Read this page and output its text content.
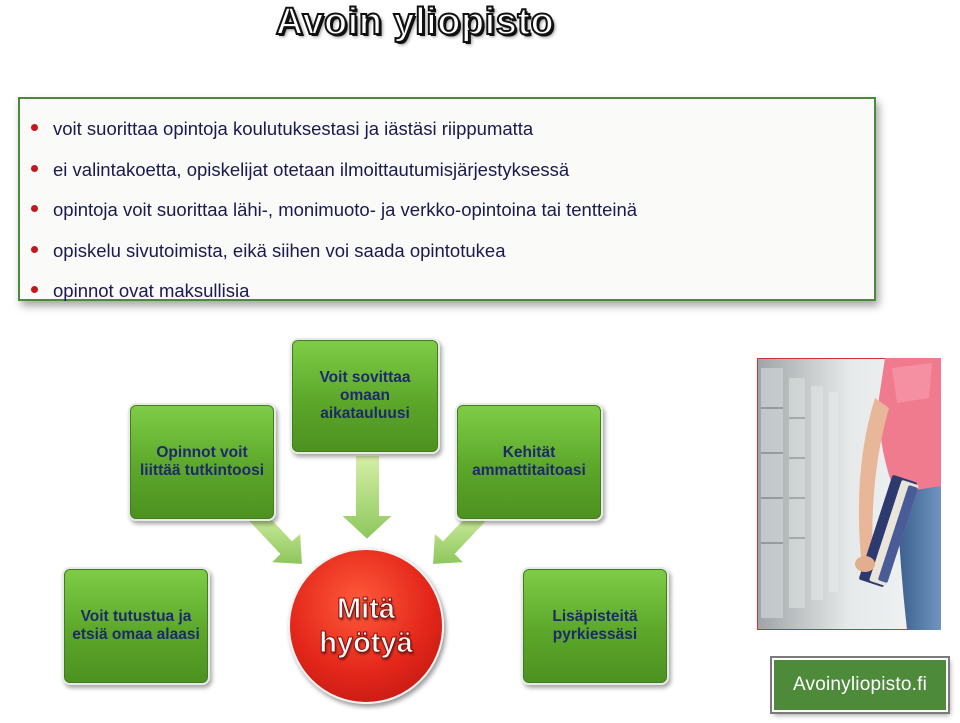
Avoin yliopisto
voit suorittaa opintoja koulutuksestasi ja iästäsi riippumatta
ei valintakoetta, opiskelijat otetaan ilmoittautumisjärjestyksessä
opintoja voit suorittaa lähi-, monimuoto- ja verkko-opintoina tai tentteinä
opiskelu sivutoimista, eikä siihen voi saada opintotukea
opinnot ovat maksullisia
Opinnot voit liittää tutkintoosi
Voit sovittaa omaan aikatauluusi
Kehität ammattitaitoasi
Voit tutustua ja etsiä omaa alaasi
Lisäpisteitä pyrkiessäsi
Mitä
hyötyä
Avoinyliopisto.fi
